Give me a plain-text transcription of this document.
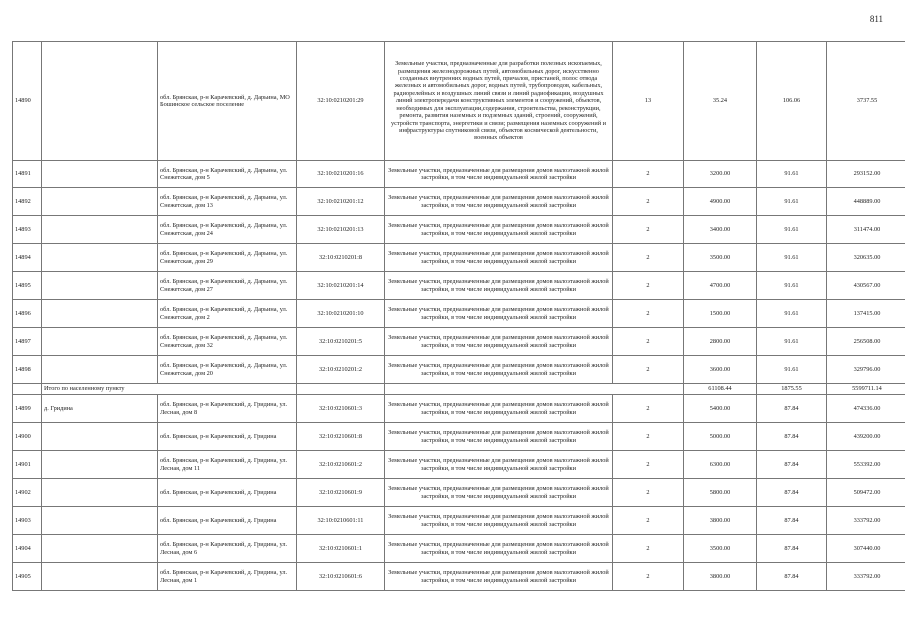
811
14890		обл. Брянская, р-н Карачевский, д. Дарьина, МО Бошинское сельское поселение	32:10:0210201:29	Земельные участки, предназначенные для разработки полезных ископаемых, размещения железнодорожных путей, автомобильных дорог, искусственно созданных внутренних водных путей, причалов, пристаней, полос отвода железных и автомобильных дорог, водных путей, трубопроводов, кабельных, радиорелейных и воздушных линий связи и линий радиофикации, воздушных линий электропередачи конструктивных элементов и сооружений, объектов, необходимых для эксплуатации,содержания, строительства, реконструкции, ремонта, развития наземных и подземных зданий, строений, сооружений, устройств транспорта, энергетики и связи; размещения наземных сооружений и инфраструктуры спутниковой связи, объектов космической деятельности, военных объектов	13	35.24	106.06	3737.55
14891		обл. Брянская, р-н Карачевский, д. Дарьина, ул. Снежетская, дом 5	32:10:0210201:16	Земельные участки, предназначенные для размещения домов малоэтажной жилой застройки, в том числе индивидуальной жилой застройки	2	3200.00	91.61	293152.00
14892		обл. Брянская, р-н Карачевский, д. Дарьина, ул. Снежетская, дом 13	32:10:0210201:12	Земельные участки, предназначенные для размещения домов малоэтажной жилой застройки, в том числе индивидуальной жилой застройки	2	4900.00	91.61	448889.00
14893		обл. Брянская, р-н Карачевский, д. Дарьина, ул. Снежетская, дом 24	32:10:0210201:13	Земельные участки, предназначенные для размещения домов малоэтажной жилой застройки, в том числе индивидуальной жилой застройки	2	3400.00	91.61	311474.00
14894		обл. Брянская, р-н Карачевский, д. Дарьина, ул. Снежетская, дом 29	32:10:0210201:8	Земельные участки, предназначенные для размещения домов малоэтажной жилой застройки, в том числе индивидуальной жилой застройки	2	3500.00	91.61	320635.00
14895		обл. Брянская, р-н Карачевский, д. Дарьина, ул. Снежетская, дом 27	32:10:0210201:14	Земельные участки, предназначенные для размещения домов малоэтажной жилой застройки, в том числе индивидуальной жилой застройки	2	4700.00	91.61	430567.00
14896		обл. Брянская, р-н Карачевский, д. Дарьина, ул. Снежетская, дом 2	32:10:0210201:10	Земельные участки, предназначенные для размещения домов малоэтажной жилой застройки, в том числе индивидуальной жилой застройки	2	1500.00	91.61	137415.00
14897		обл. Брянская, р-н Карачевский, д. Дарьина, ул. Снежетская, дом 32	32:10:0210201:5	Земельные участки, предназначенные для размещения домов малоэтажной жилой застройки, в том числе индивидуальной жилой застройки	2	2800.00	91.61	256508.00
14898		обл. Брянская, р-н Карачевский, д. Дарьина, ул. Снежетская, дом 20	32:10:0210201:2	Земельные участки, предназначенные для размещения домов малоэтажной жилой застройки, в том числе индивидуальной жилой застройки	2	3600.00	91.61	329796.00
	Итого по населенному пункту					61108.44	1875.55	5599711.14
14899	д. Гридина	обл. Брянская, р-н Карачевский, д. Гридина, ул. Лесная, дом 8	32:10:0210601:3	Земельные участки, предназначенные для размещения домов малоэтажной жилой застройки, в том числе индивидуальной жилой застройки	2	5400.00	87.84	474336.00
14900		обл. Брянская, р-н Карачевский, д. Гридина	32:10:0210601:8	Земельные участки, предназначенные для размещения домов малоэтажной жилой застройки, в том числе индивидуальной жилой застройки	2	5000.00	87.84	439200.00
14901		обл. Брянская, р-н Карачевский, д. Гридина, ул. Лесная, дом 11	32:10:0210601:2	Земельные участки, предназначенные для размещения домов малоэтажной жилой застройки, в том числе индивидуальной жилой застройки	2	6300.00	87.84	553392.00
14902		обл. Брянская, р-н Карачевский, д. Гридина	32:10:0210601:9	Земельные участки, предназначенные для размещения домов малоэтажной жилой застройки, в том числе индивидуальной жилой застройки	2	5800.00	87.84	509472.00
14903		обл. Брянская, р-н Карачевский, д. Гридина	32:10:0210601:11	Земельные участки, предназначенные для размещения домов малоэтажной жилой застройки, в том числе индивидуальной жилой застройки	2	3800.00	87.84	333792.00
14904		обл. Брянская, р-н Карачевский, д. Гридина, ул. Лесная, дом 6	32:10:0210601:1	Земельные участки, предназначенные для размещения домов малоэтажной жилой застройки, в том числе индивидуальной жилой застройки	2	3500.00	87.84	307440.00
14905		обл. Брянская, р-н Карачевский, д. Гридина, ул. Лесная, дом 1	32:10:0210601:6	Земельные участки, предназначенные для размещения домов малоэтажной жилой застройки, в том числе индивидуальной жилой застройки	2	3800.00	87.84	333792.00
